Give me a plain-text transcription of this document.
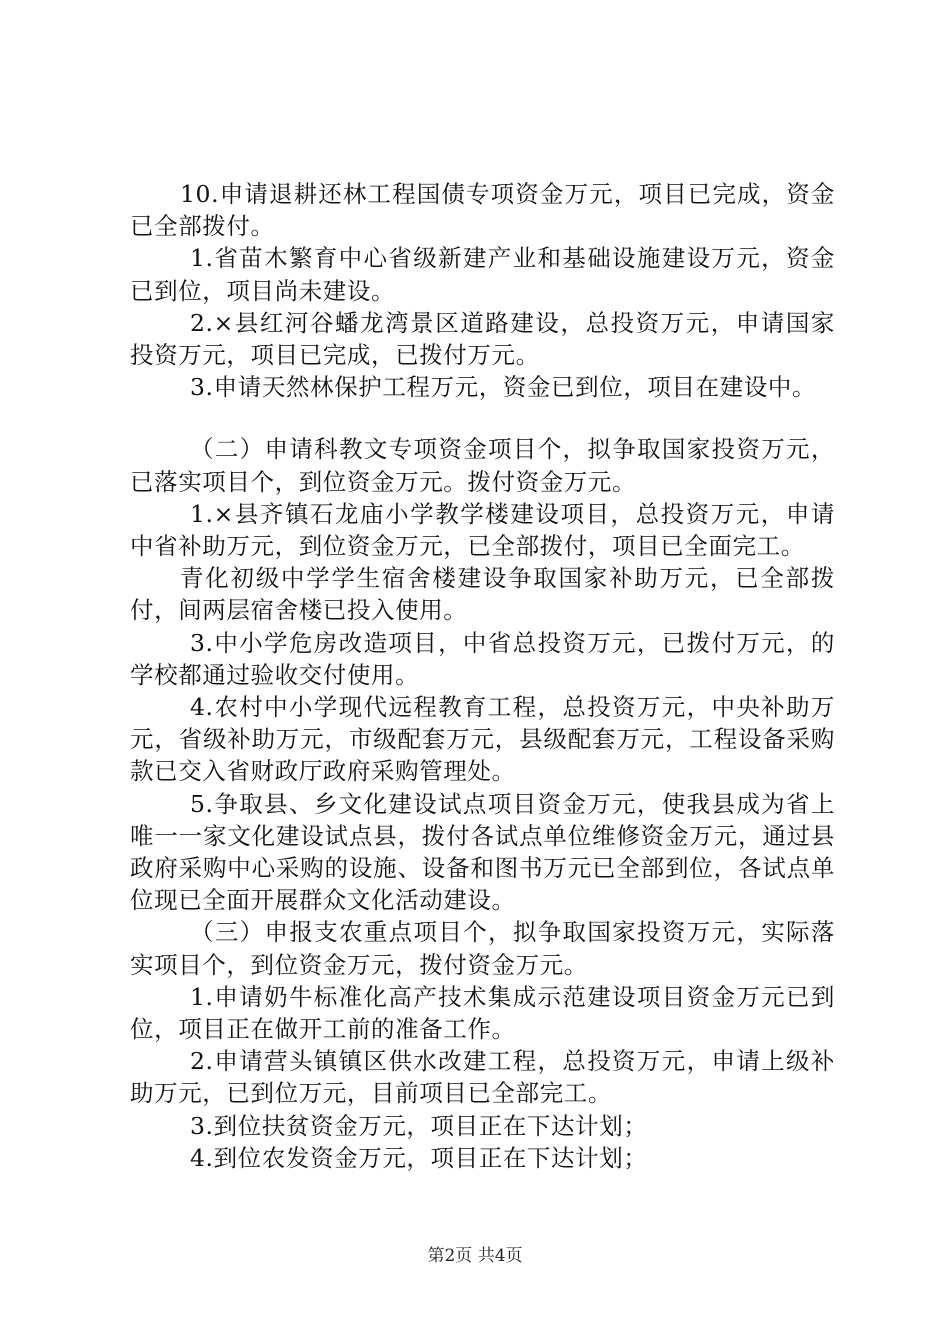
10.申请退耕还林工程国债专项资金万元，项目已完成，资金已全部拨付。

1.省苗木繁育中心省级新建产业和基础设施建设万元，资金已到位，项目尚未建设。

2.×县红河谷蟠龙湾景区道路建设，总投资万元，申请国家投资万元，项目已完成，已拨付万元。

3.申请天然林保护工程万元，资金已到位，项目在建设中。

（二）申请科教文专项资金项目个，拟争取国家投资万元，已落实项目个，到位资金万元。拨付资金万元。

1.×县齐镇石龙庙小学教学楼建设项目，总投资万元，申请中省补助万元，到位资金万元，已全部拨付，项目已全面完工。

青化初级中学学生宿舍楼建设争取国家补助万元，已全部拨付，间两层宿舍楼已投入使用。

3.中小学危房改造项目，中省总投资万元，已拨付万元，的学校都通过验收交付使用。

4.农村中小学现代远程教育工程，总投资万元，中央补助万元，省级补助万元，市级配套万元，县级配套万元，工程设备采购款已交入省财政厅政府采购管理处。

5.争取县、乡文化建设试点项目资金万元，使我县成为省上唯一一家文化建设试点县，拨付各试点单位维修资金万元，通过县政府采购中心采购的设施、设备和图书万元已全部到位，各试点单位现已全面开展群众文化活动建设。

（三）申报支农重点项目个，拟争取国家投资万元，实际落实项目个，到位资金万元，拨付资金万元。

1.申请奶牛标准化高产技术集成示范建设项目资金万元已到位，项目正在做开工前的准备工作。

2.申请营头镇镇区供水改建工程，总投资万元，申请上级补助万元，已到位万元，目前项目已全部完工。

3.到位扶贫资金万元，项目正在下达计划；

4.到位农发资金万元，项目正在下达计划；

第2页 共4页
